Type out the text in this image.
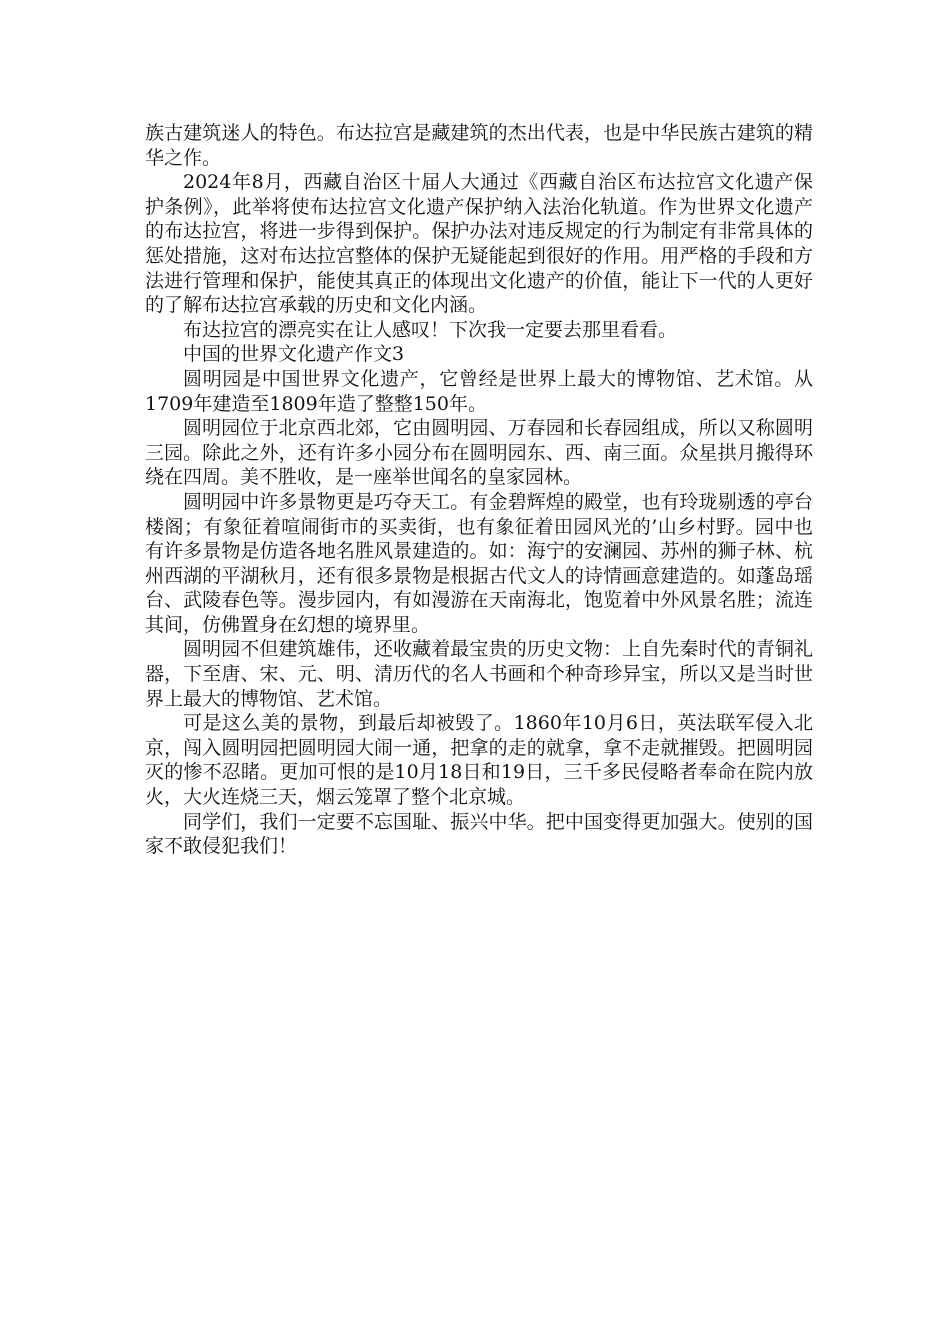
族古建筑迷人的特色。布达拉宫是藏建筑的杰出代表，也是中华民族古建筑的精华之作。

2024年8月，西藏自治区十届人大通过《西藏自治区布达拉宫文化遗产保护条例》，此举将使布达拉宫文化遗产保护纳入法治化轨道。作为世界文化遗产的布达拉宫，将进一步得到保护。保护办法对违反规定的行为制定有非常具体的惩处措施，这对布达拉宫整体的保护无疑能起到很好的作用。用严格的手段和方法进行管理和保护，能使其真正的体现出文化遗产的价值，能让下一代的人更好的了解布达拉宫承载的历史和文化内涵。

布达拉宫的漂亮实在让人感叹！下次我一定要去那里看看。

中国的世界文化遗产作文3

圆明园是中国世界文化遗产，它曾经是世界上最大的博物馆、艺术馆。从1709年建造至1809年造了整整150年。

圆明园位于北京西北郊，它由圆明园、万春园和长春园组成，所以又称圆明三园。除此之外，还有许多小园分布在圆明园东、西、南三面。众星拱月搬得环绕在四周。美不胜收，是一座举世闻名的皇家园林。

圆明园中许多景物更是巧夺天工。有金碧辉煌的殿堂，也有玲珑剔透的亭台楼阁；有象征着喧闹街市的买卖街，也有象征着田园风光的’山乡村野。园中也有许多景物是仿造各地名胜风景建造的。如：海宁的安澜园、苏州的狮子林、杭州西湖的平湖秋月，还有很多景物是根据古代文人的诗情画意建造的。如蓬岛瑶台、武陵春色等。漫步园内，有如漫游在天南海北，饱览着中外风景名胜；流连其间，仿佛置身在幻想的境界里。

圆明园不但建筑雄伟，还收藏着最宝贵的历史文物：上自先秦时代的青铜礼器，下至唐、宋、元、明、清历代的名人书画和个种奇珍异宝，所以又是当时世界上最大的博物馆、艺术馆。

可是这么美的景物，到最后却被毁了。1860年10月6日，英法联军侵入北京，闯入圆明园把圆明园大闹一通，把拿的走的就拿，拿不走就摧毁。把圆明园灭的惨不忍睹。更加可恨的是10月18日和19日，三千多民侵略者奉命在院内放火，大火连烧三天，烟云笼罩了整个北京城。

同学们，我们一定要不忘国耻、振兴中华。把中国变得更加强大。使别的国家不敢侵犯我们！
